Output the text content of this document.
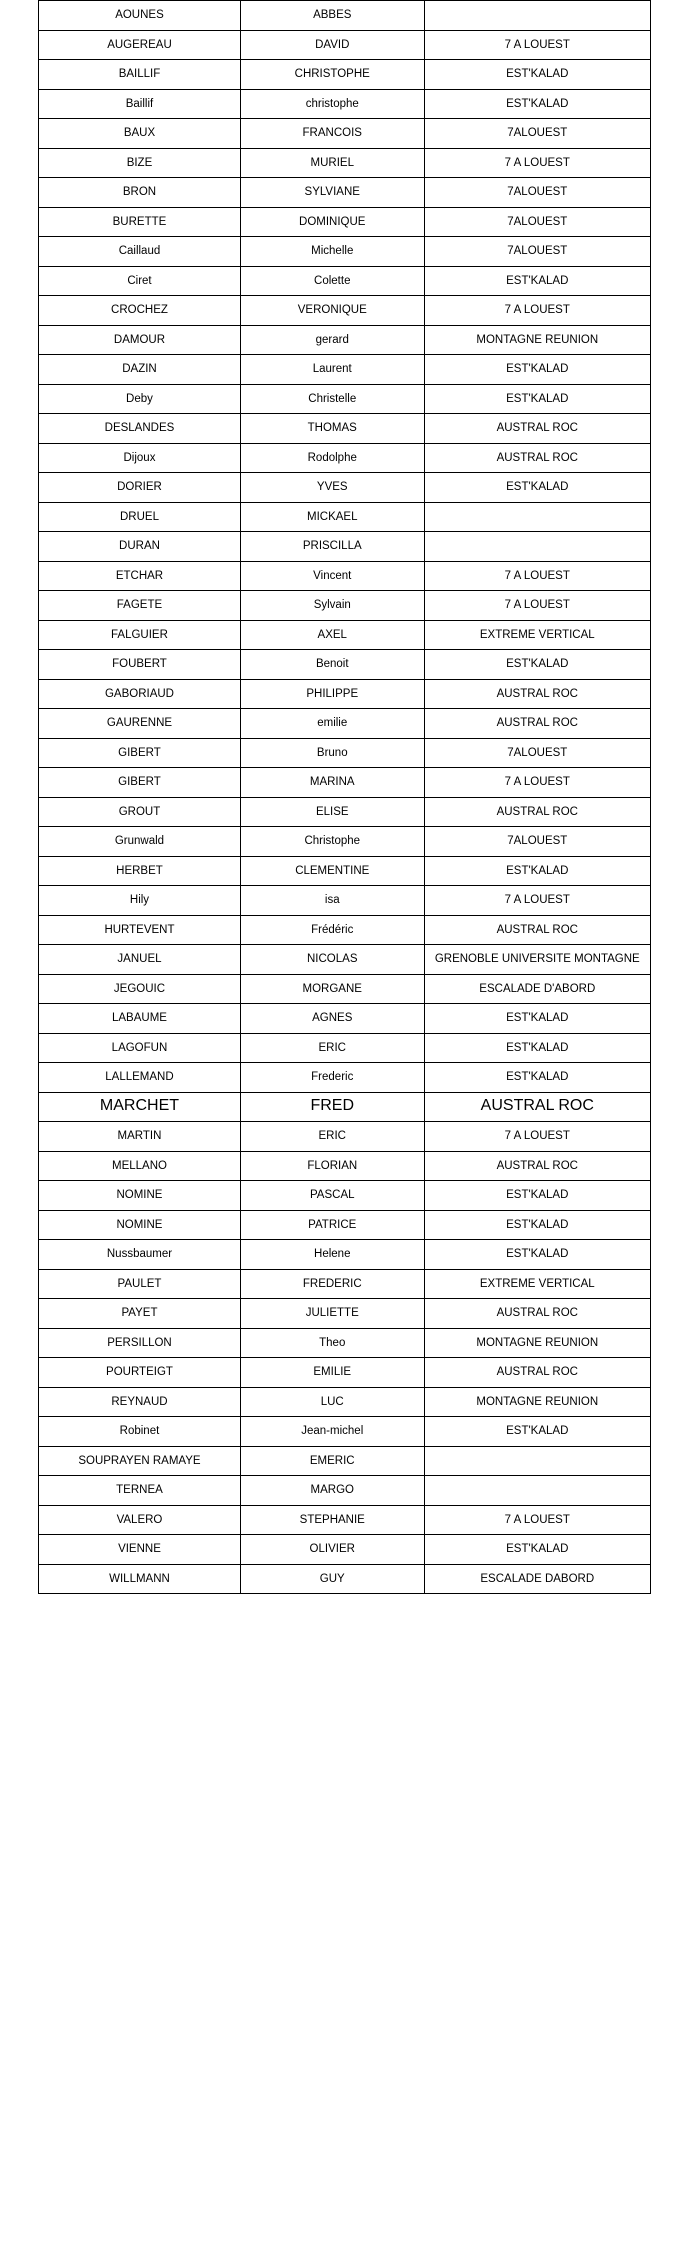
AOUNES	ABBES	
AUGEREAU	DAVID	7 A LOUEST
BAILLIF	CHRISTOPHE	EST'KALAD
Baillif	christophe	EST'KALAD
BAUX	FRANCOIS	7ALOUEST
BIZE	MURIEL	7 A LOUEST
BRON	SYLVIANE	7ALOUEST
BURETTE	DOMINIQUE	7ALOUEST
Caillaud	Michelle	7ALOUEST
Ciret	Colette	EST'KALAD
CROCHEZ	VERONIQUE	7 A LOUEST
DAMOUR	gerard	MONTAGNE REUNION
DAZIN	Laurent	EST'KALAD
Deby	Christelle	EST'KALAD
DESLANDES	THOMAS	AUSTRAL ROC
Dijoux	Rodolphe	AUSTRAL ROC
DORIER	YVES	EST'KALAD
DRUEL	MICKAEL	
DURAN	PRISCILLA	
ETCHAR	Vincent	7 A LOUEST
FAGETE	Sylvain	7 A LOUEST
FALGUIER	AXEL	EXTREME VERTICAL
FOUBERT	Benoit	EST'KALAD
GABORIAUD	PHILIPPE	AUSTRAL ROC
GAURENNE	emilie	AUSTRAL ROC
GIBERT	Bruno	7ALOUEST
GIBERT	MARINA	7 A LOUEST
GROUT	ELISE	AUSTRAL ROC
Grunwald	Christophe	7ALOUEST
HERBET	CLEMENTINE	EST'KALAD
Hily	isa	7 A LOUEST
HURTEVENT	Frédéric	AUSTRAL ROC
JANUEL	NICOLAS	GRENOBLE UNIVERSITE MONTAGNE
JEGOUIC	MORGANE	ESCALADE D'ABORD
LABAUME	AGNES	EST'KALAD
LAGOFUN	ERIC	EST'KALAD
LALLEMAND	Frederic	EST'KALAD
MARCHET	FRED	AUSTRAL ROC
MARTIN	ERIC	7 A LOUEST
MELLANO	FLORIAN	AUSTRAL ROC
NOMINE	PASCAL	EST'KALAD
NOMINE	PATRICE	EST'KALAD
Nussbaumer	Helene	EST'KALAD
PAULET	FREDERIC	EXTREME VERTICAL
PAYET	JULIETTE	AUSTRAL ROC
PERSILLON	Theo	MONTAGNE REUNION
POURTEIGT	EMILIE	AUSTRAL ROC
REYNAUD	LUC	MONTAGNE REUNION
Robinet	Jean-michel	EST'KALAD
SOUPRAYEN RAMAYE	EMERIC	
TERNEA	MARGO	
VALERO	STEPHANIE	7 A LOUEST
VIENNE	OLIVIER	EST'KALAD
WILLMANN	GUY	ESCALADE DABORD
